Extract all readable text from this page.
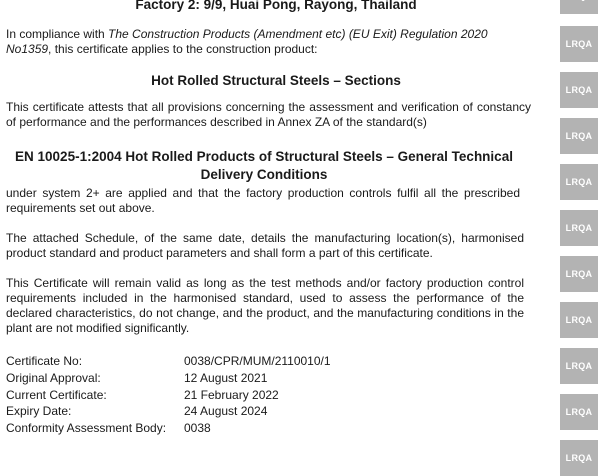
Factory 2: 9/9, Huai Pong, Rayong, Thailand
In compliance with The Construction Products (Amendment etc) (EU Exit) Regulation 2020
No1359, this certificate applies to the construction product:
Hot Rolled Structural Steels – Sections
This certificate attests that all provisions concerning the assessment and verification of constancy of performance and the performances described in Annex ZA of the standard(s)
EN 10025-1:2004 Hot Rolled Products of Structural Steels – General Technical
Delivery Conditions
under system 2+ are applied and that the factory production controls fulfil all the prescribed requirements set out above.
The attached Schedule, of the same date, details the manufacturing location(s), harmonised product standard and product parameters and shall form a part of this certificate.
This Certificate will remain valid as long as the test methods and/or factory production control requirements included in the harmonised standard, used to assess the performance of the declared characteristics, do not change, and the product, and the manufacturing conditions in the plant are not modified significantly.
Certificate No:	0038/CPR/MUM/2110010/1
Original Approval:	12 August 2021
Current Certificate:	21 February 2022
Expiry Date:	24 August 2024
Conformity Assessment Body: 0038
LRQA
LRQA
LRQA
LRQA
LRQA
LRQA
LRQA
LRQA
LRQA
LRQA
